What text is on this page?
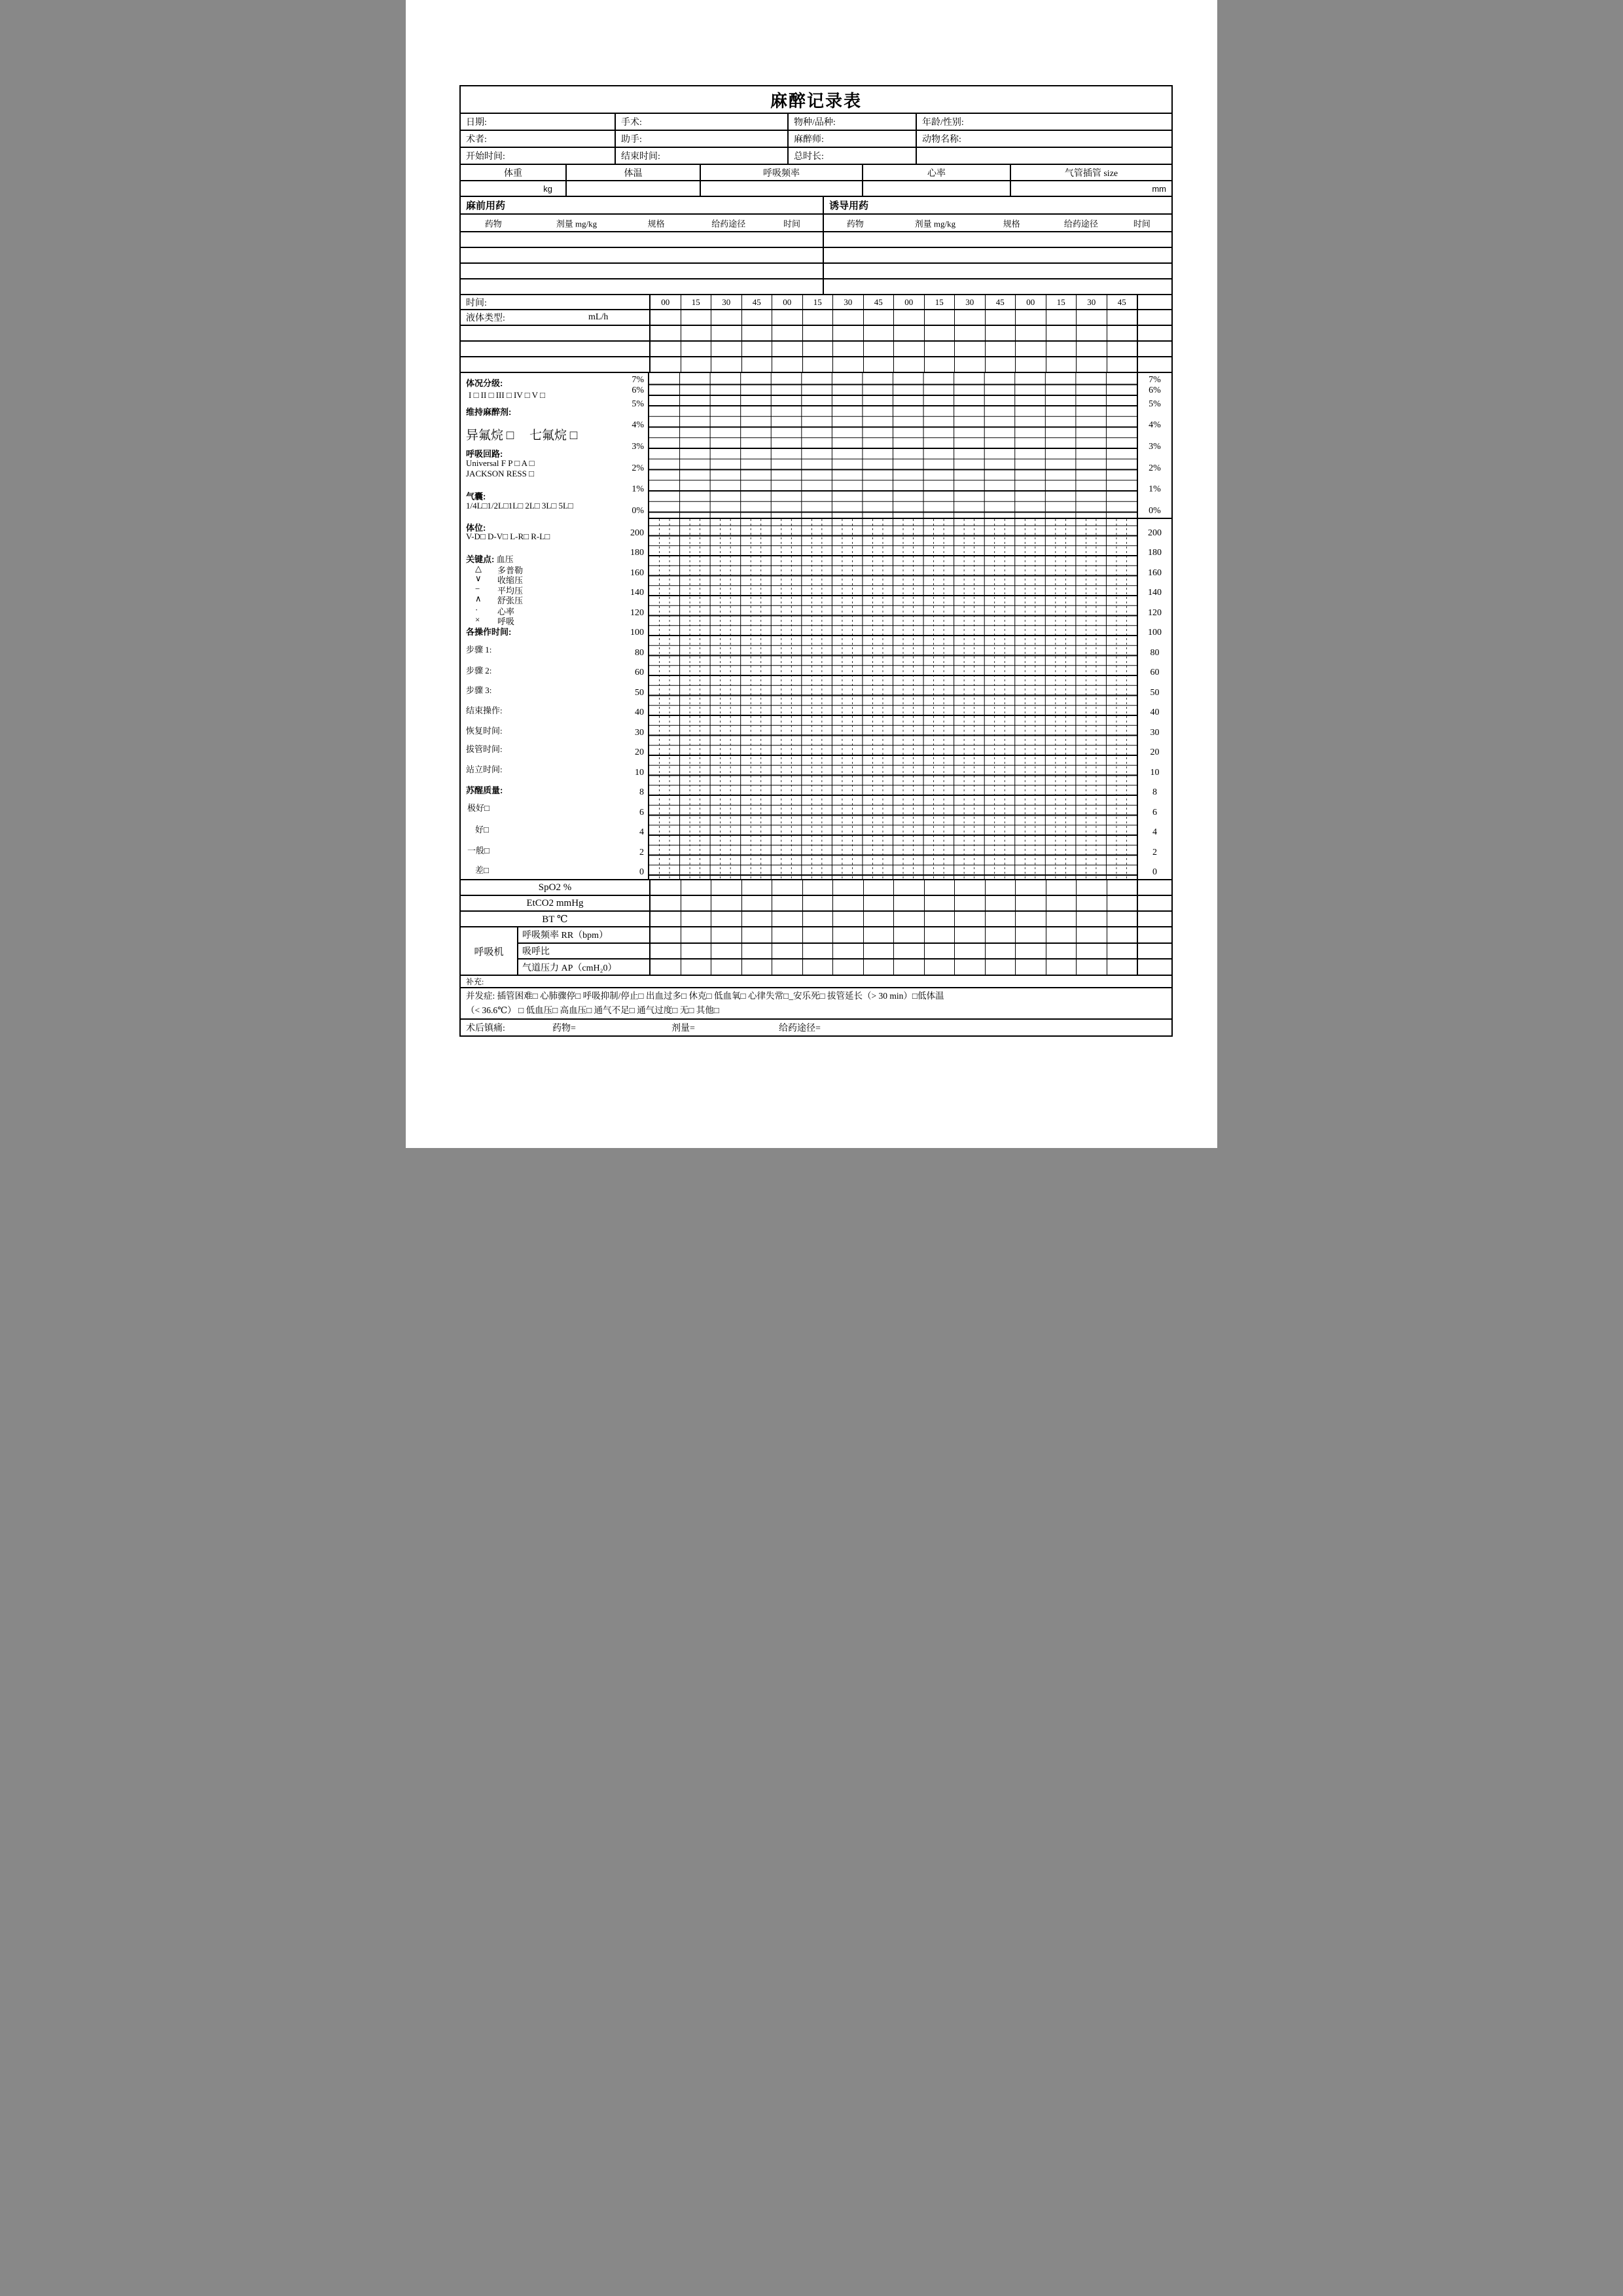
麻醉记录表
日期:	手术:	物种/品种:	年龄/性别:
术者:	助手:	麻醉师:	动物名称:
开始时间:	结束时间:	总时长:
体重	体温	呼吸频率	心率	气管插管 size
kg	mm
麻前用药	诱导用药
药物	剂量 mg/kg	规格	给药途径	时间	药物	剂量 mg/kg	规格	给药途径	时间
时间:	00	15	30	45	00	15	30	45	00	15	30	45	00	15	30	45
液体类型:	mL/h
体况分级:
I □ II □ III □ IV □ V □
维持麻醉剂:
异氟烷 □　 七氟烷 □
呼吸回路:
Universal F P □ A □
JACKSON RESS □
气囊:
1/4L□1/2L□1L□ 2L□ 3L□ 5L□
体位:
V-D□ D-V□ L-R□ R-L□
关键点: 血压
△ 多普勒
∨ 收缩压
− 平均压
∧ 舒张压
· 心率
× 呼吸
各操作时间:
步骤 1:
步骤 2:
步骤 3:
结束操作:
恢复时间:
拔管时间:
站立时间:
苏醒质量:
极好□
好□
一般□
差□
7%
6%
5%
4%
3%
2%
1%
0%
200
180
160
140
120
100
80
60
50
40
30
20
10
8
6
4
2
0
7%
6%
5%
4%
3%
2%
1%
0%
200
180
160
140
120
100
80
60
50
40
30
20
10
8
6
4
2
0
SpO2 %
EtCO2 mmHg
BT ℃
呼吸机
呼吸频率 RR（bpm）
吸呼比
气道压力 AP（cmH₂0）
补充:
并发症: 插管困难□ 心肺骤停□ 呼吸抑制/停止□ 出血过多□ 休克□ 低血氧□ 心律失常□_安乐死□ 拔管延长（> 30 min）□低体温
（< 36.6℃） □ 低血压□ 高血压□ 通气不足□ 通气过度□ 无□ 其他□
术后镇痛:	药物=	剂量=	给药途径=
